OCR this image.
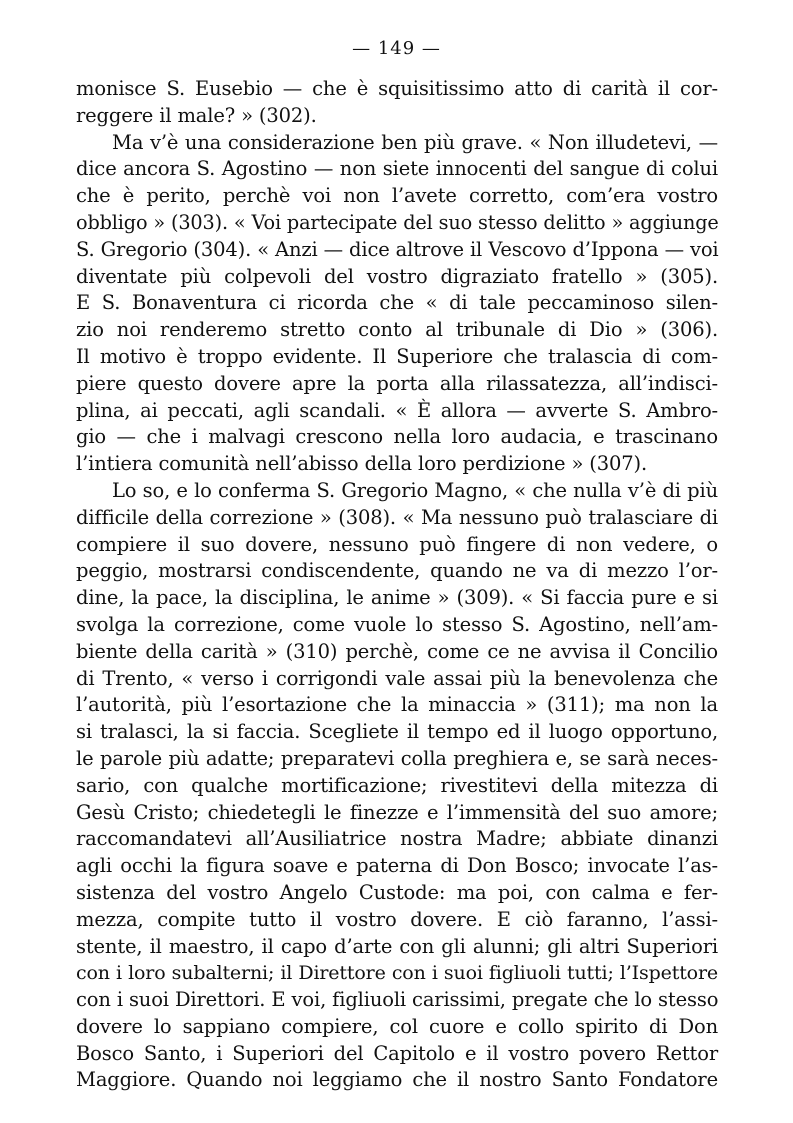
— 149 —
monisce S. Eusebio — che è squisitissimo atto di carità il cor-
reggere il male? » (302).
Ma v’è una considerazione ben più grave. « Non illudetevi, —
dice ancora S. Agostino — non siete innocenti del sangue di colui
che è perito, perchè voi non l’avete corretto, com’era vostro
obbligo » (303). « Voi partecipate del suo stesso delitto » aggiunge
S. Gregorio (304). « Anzi — dice altrove il Vescovo d’Ippona — voi
diventate più colpevoli del vostro digraziato fratello » (305).
E S. Bonaventura ci ricorda che « di tale peccaminoso silen-
zio noi renderemo stretto conto al tribunale di Dio » (306).
Il motivo è troppo evidente. Il Superiore che tralascia di com-
piere questo dovere apre la porta alla rilassatezza, all’indisci-
plina, ai peccati, agli scandali. « È allora — avverte S. Ambro-
gio — che i malvagi crescono nella loro audacia, e trascinano
l’intiera comunità nell’abisso della loro perdizione » (307).
Lo so, e lo conferma S. Gregorio Magno, « che nulla v’è di più
difficile della correzione » (308). « Ma nessuno può tralasciare di
compiere il suo dovere, nessuno può fingere di non vedere, o
peggio, mostrarsi condiscendente, quando ne va di mezzo l’or-
dine, la pace, la disciplina, le anime » (309). « Si faccia pure e si
svolga la correzione, come vuole lo stesso S. Agostino, nell’am-
biente della carità » (310) perchè, come ce ne avvisa il Concilio
di Trento, « verso i corrigondi vale assai più la benevolenza che
l’autorità, più l’esortazione che la minaccia » (311); ma non la
si tralasci, la si faccia. Scegliete il tempo ed il luogo opportuno,
le parole più adatte; preparatevi colla preghiera e, se sarà neces-
sario, con qualche mortificazione; rivestitevi della mitezza di
Gesù Cristo; chiedetegli le finezze e l’immensità del suo amore;
raccomandatevi all’Ausiliatrice nostra Madre; abbiate dinanzi
agli occhi la figura soave e paterna di Don Bosco; invocate l’as-
sistenza del vostro Angelo Custode: ma poi, con calma e fer-
mezza, compite tutto il vostro dovere. E ciò faranno, l’assi-
stente, il maestro, il capo d’arte con gli alunni; gli altri Superiori
con i loro subalterni; il Direttore con i suoi figliuoli tutti; l’Ispettore
con i suoi Direttori. E voi, figliuoli carissimi, pregate che lo stesso
dovere lo sappiano compiere, col cuore e collo spirito di Don
Bosco Santo, i Superiori del Capitolo e il vostro povero Rettor
Maggiore. Quando noi leggiamo che il nostro Santo Fondatore
